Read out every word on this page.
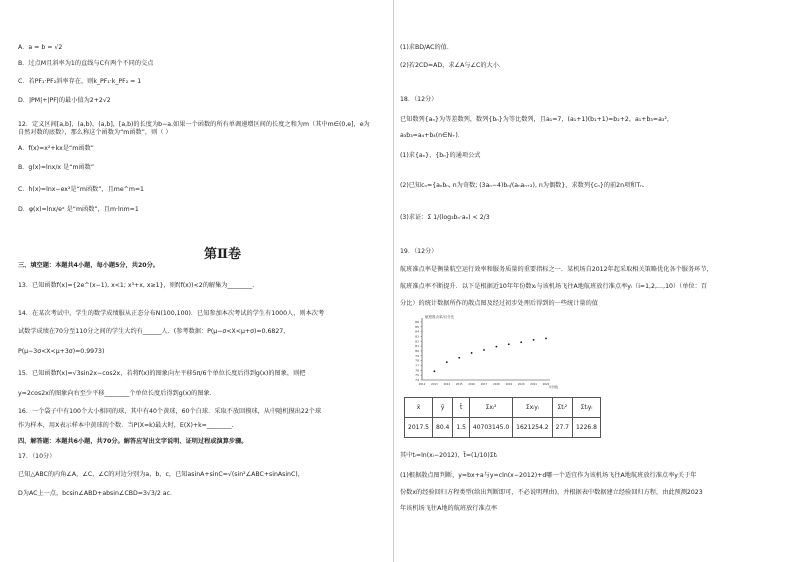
A．a = b = √2
B．过点M且斜率为1的直线与C有两个不同的交点
C．若PF₁·PF₂斜率存在，则k_PF₁·k_PF₂ = 1
D．|PM|+|PF|的最小值为2+2√2
12．定义区间[a,b]，(a,b)，(a,b]，[a,b)的长度为b−a.如果一个函数的所有单调递增区间的长度之和为m（其中m∈(0,e]，e为自然对数的底数），那么称这个函数为“m函数”，则（ ）
A．f(x)=x²+kx是“m函数”
B．g(x)=lnx/x 是“m函数”
C．h(x)=lnx−ex²是“m函数”，且me^m=1
D．φ(x)=lnx/eˣ 是“m函数”，且m·lnm=1
第Ⅱ卷
三、填空题：本题共4小题，每小题5分，共20分。
13．已知函数f(x)={2e^(x−1), x<1; x³+x, x≥1}，则f(f(x))<2的解集为________.
14．在某次考试中，学生的数学成绩服从正态分布N(100,100)．已知参加本次考试的学生有1000人，则本次考
试数学成绩在70分至110分之间的学生大约有______人．(参考数据：P(μ−σ<X<μ+σ)=0.6827，
P(μ−3σ<X<μ+3σ)=0.9973)
15．已知函数f(x)=√3sin2x−cos2x，若将f(x)的图象向左平移5π/6个单位长度后得到g(x)的图象，则把
y=2cos2x的图象向右至少平移________个单位长度后得到g(x)的图象.
16．一个袋子中有100个大小相同的球，其中有40个黄球，60个白球．采取不放回摸球，从中随机摸出22个球
作为样本，用X表示样本中黄球的个数．当P(X=k)最大时，E(X)+k=________.
四、解答题：本题共6小题，共70分。解答应写出文字说明、证明过程或演算步骤。
17．（10分）
已知△ABC的内角∠A，∠C，∠C的对边分别为a，b，c，已知asinA+sinC=√(sin²∠ABC+sinAsinC)，
D为AC上一点，bcsin∠ABD+absin∠CBD=3√3/2 ac．
(1)求BD/AC的值．
(2)若2CD=AD，求∠A与∠C的大小．
18．（12分）
已知数列{aₙ}为等差数列，数列{bₙ}为等比数列，且a₁=7，(a₁+1)(b₁+1)=b₂+2，a₁+b₃=a₃²，
a₃b₃=a₄+b₄(n∈N₊)．
(1)求{aₙ}，{bₙ}的通项公式
(2)已知cₙ={aₙbₙ, n为奇数; (3aₙ−4)bₙ/(aₙaₙ₊₂), n为偶数}，求数列{cₙ}的前2n项和Tₙ．
(3)求证：Σ 1/(log₃bₙ·aₙ) < 2/3
19．（12分）
航班准点率是衡量航空运行效率和服务质量的重要指标之一．某机场自2012年起采取相关策略优化各个服务环节，
航班准点率不断提升．以下是根据近10年年份数xᵢ与该机场飞往A地航班放行准点率yᵢ（i=1,2,…,10）（单位：百
分比）的统计数据所作的散点图及经过初步处理后得到的一些统计量的值
航班准点率/百分比
年份数
74
75
76
77
78
79
80
81
82
83
84
85
86
2012 2013 2014 2015 2016 2017 2018 2019 2020 2021 2022
x̄	ȳ	t̄	Σxᵢ²	Σxᵢyᵢ	Σtᵢ²	Σtᵢyᵢ
2017.5	80.4	1.5	40703145.0	1621254.2	27.7	1226.8
其中tᵢ=ln(xᵢ−2012)，t̄=(1/10)Σtᵢ
(1)根据散点图判断，y=bx+a与y=cln(x−2012)+d哪一个适宜作为该机场飞往A地航班放行准点率y关于年
份数x的经验回归方程类型(给出判断即可，不必说明理由)，并根据表中数据建立经验回归方程，由此预测2023
年该机场飞往A地的航班放行准点率
